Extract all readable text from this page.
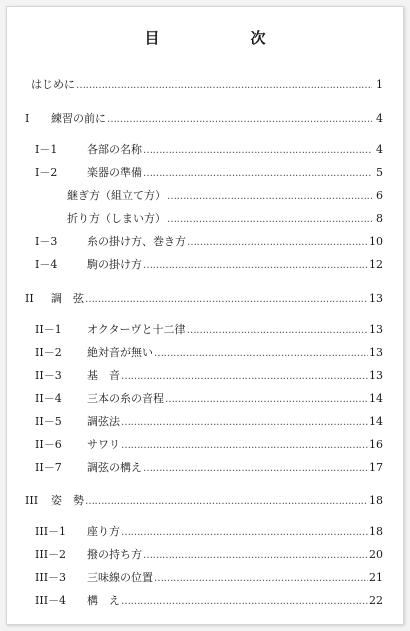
目　次
はじめに ……………………………………………………………………………………………………………………………………………………………………………………………………………………	1
I 練習の前に ……………………………………………………………………………………………………………………………………………………………………………………………………………………	4
I－1	各部の名称 ……………………………………………………………………………………………………………………………………………………………………………………………………………………	4
I－2	楽器の準備 ……………………………………………………………………………………………………………………………………………………………………………………………………………………	5
継ぎ方（組立て方） ……………………………………………………………………………………………………………………………………………………………………………………………………………………	6
折り方（しまい方） ……………………………………………………………………………………………………………………………………………………………………………………………………………………	8
I－3	糸の掛け方、巻き方 ……………………………………………………………………………………………………………………………………………………………………………………………………………………	10
I－4	駒の掛け方 ……………………………………………………………………………………………………………………………………………………………………………………………………………………	12
II 調　弦 ……………………………………………………………………………………………………………………………………………………………………………………………………………………	13
II－1 オクターヴと十二律 ……………………………………………………………………………………………………………………………………………………………………………………………………………………	13
II－2 絶対音が無い ……………………………………………………………………………………………………………………………………………………………………………………………………………………	13
II－3 基　音 ……………………………………………………………………………………………………………………………………………………………………………………………………………………	13
II－4 三本の糸の音程 ……………………………………………………………………………………………………………………………………………………………………………………………………………………	14
II－5 調弦法 ……………………………………………………………………………………………………………………………………………………………………………………………………………………	14
II－6 サワリ ……………………………………………………………………………………………………………………………………………………………………………………………………………………	16
II－7 調弦の構え ……………………………………………………………………………………………………………………………………………………………………………………………………………………	17
III 姿　勢 ……………………………………………………………………………………………………………………………………………………………………………………………………………………	18
III－1 座り方 ……………………………………………………………………………………………………………………………………………………………………………………………………………………	18
III－2 撥の持ち方 ……………………………………………………………………………………………………………………………………………………………………………………………………………………	20
III－3 三味線の位置 ……………………………………………………………………………………………………………………………………………………………………………………………………………………	21
III－4 構　え ……………………………………………………………………………………………………………………………………………………………………………………………………………………	22
